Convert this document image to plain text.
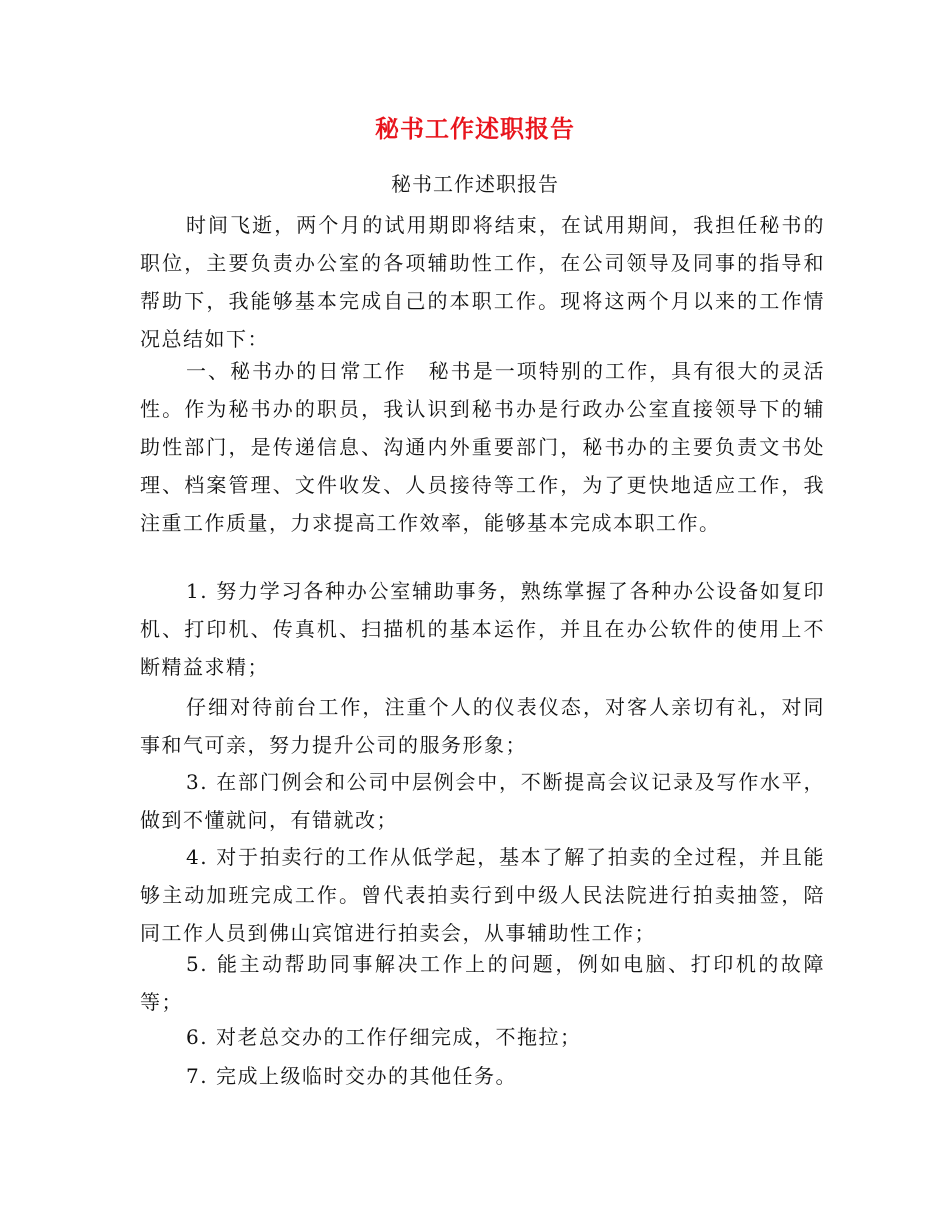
秘书工作述职报告
秘书工作述职报告

时间飞逝，两个月的试用期即将结束，在试用期间，我担任秘书的职位，主要负责办公室的各项辅助性工作，在公司领导及同事的指导和帮助下，我能够基本完成自己的本职工作。现将这两个月以来的工作情况总结如下：

一、秘书办的日常工作　秘书是一项特别的工作，具有很大的灵活性。作为秘书办的职员，我认识到秘书办是行政办公室直接领导下的辅助性部门，是传递信息、沟通内外重要部门，秘书办的主要负责文书处理、档案管理、文件收发、人员接待等工作，为了更快地适应工作，我注重工作质量，力求提高工作效率，能够基本完成本职工作。

1. 努力学习各种办公室辅助事务，熟练掌握了各种办公设备如复印机、打印机、传真机、扫描机的基本运作，并且在办公软件的使用上不断精益求精；

仔细对待前台工作，注重个人的仪表仪态，对客人亲切有礼，对同事和气可亲，努力提升公司的服务形象；

3. 在部门例会和公司中层例会中，不断提高会议记录及写作水平，做到不懂就问，有错就改；

4. 对于拍卖行的工作从低学起，基本了解了拍卖的全过程，并且能够主动加班完成工作。曾代表拍卖行到中级人民法院进行拍卖抽签，陪同工作人员到佛山宾馆进行拍卖会，从事辅助性工作；

5. 能主动帮助同事解决工作上的问题，例如电脑、打印机的故障等；

6. 对老总交办的工作仔细完成，不拖拉；

7. 完成上级临时交办的其他任务。
